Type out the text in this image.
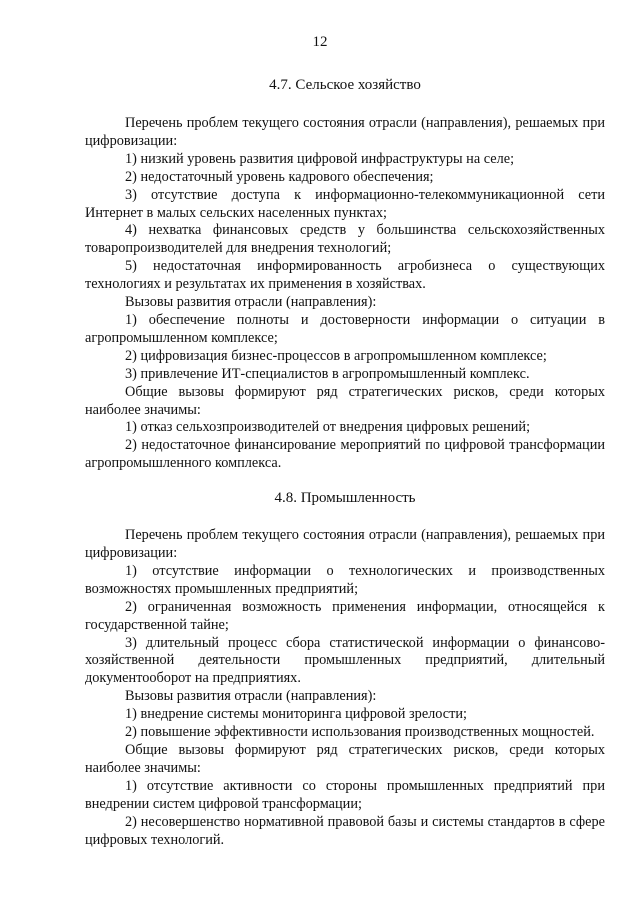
12
4.7. Сельское хозяйство

Перечень проблем текущего состояния отрасли (направления), решаемых при цифровизации:

1) низкий уровень развития цифровой инфраструктуры на селе;

2) недостаточный уровень кадрового обеспечения;

3) отсутствие доступа к информационно-телекоммуникационной сети Интернет в малых сельских населенных пунктах;

4) нехватка финансовых средств у большинства сельскохозяйственных товаропроизводителей для внедрения технологий;

5) недостаточная информированность агробизнеса о существующих технологиях и результатах их применения в хозяйствах.

Вызовы развития отрасли (направления):

1) обеспечение полноты и достоверности информации о ситуации в агропромышленном комплексе;

2) цифровизация бизнес-процессов в агропромышленном комплексе;

3) привлечение ИТ-специалистов в агропромышленный комплекс.

Общие вызовы формируют ряд стратегических рисков, среди которых наиболее значимы:

1) отказ сельхозпроизводителей от внедрения цифровых решений;

2) недостаточное финансирование мероприятий по цифровой трансформации агропромышленного комплекса.

4.8. Промышленность

Перечень проблем текущего состояния отрасли (направления), решаемых при цифровизации:

1) отсутствие информации о технологических и производственных возможностях промышленных предприятий;

2) ограниченная возможность применения информации, относящейся к государственной тайне;

3) длительный процесс сбора статистической информации о финансово-хозяйственной деятельности промышленных предприятий, длительный документооборот на предприятиях.

Вызовы развития отрасли (направления):

1) внедрение системы мониторинга цифровой зрелости;

2) повышение эффективности использования производственных мощностей.

Общие вызовы формируют ряд стратегических рисков, среди которых наиболее значимы:

1) отсутствие активности со стороны промышленных предприятий при внедрении систем цифровой трансформации;

2) несовершенство нормативной правовой базы и системы стандартов в сфере цифровых технологий.
